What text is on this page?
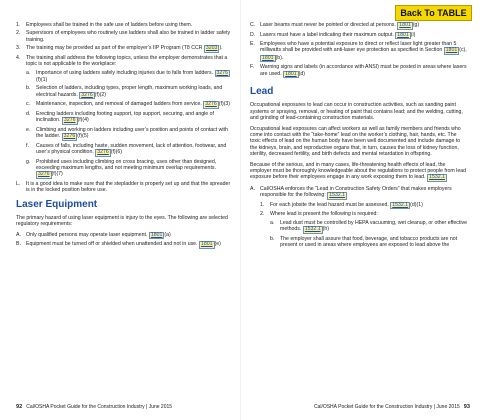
Back To TABLE
1.	Employees shall be trained in the safe use of ladders before using them.
2.	Supervisors of employees who routinely use ladders shall also be trained in ladder safety training.
3.	The training may be provided as part of the employer’s IIP Program (T8 CCR 3203 ).
4.	The training shall address the following topics, unless the employer demonstrates that a topic is not applicable to the workplace:
a.	Importance of using ladders safely including injuries due to falls from ladders. 3276(f)(1)
b.	Selection of ladders, including types, proper length, maximum working loads, and electrical hazards. 3276 (f)(2)
c.	Maintenance, inspection, and removal of damaged ladders from service. 3276 (f)(3)
d.	Erecting ladders including footing support, top support, securing, and angle of inclination. 3276 (f)(4)
e.	Climbing and working on ladders including user’s position and points of contact with the ladder. 3276 (f)(5)
f.	Causes of falls, including haste, sudden movement, lack of attention, footwear, and user’s physical condition. 3276 (f)(6)
g.	Prohibited uses including climbing on cross bracing, uses other than designed, exceeding maximum lengths, and not meeting minimum overlap requirements. 3276 (f)(7)
L.	It is a good idea to make sure that the stepladder is properly set up and that the spreader is in the locked position before use.
Laser Equipment

The primary hazard of using laser equipment is injury to the eyes. The following are selected regulatory requirements:

A. Only qualified persons may operate laser equipment. 1801 (a)
B. Equipment must be turned off or shielded when unattended and not in use. 1801 (e)
C. Laser beams must never be pointed or directed at persons. 1801 (g)
D. Lasers must have a label indicating their maximum output. 1801 (i)
E. Employees who have a potential exposure to direct or reflect laser light greater than 5 milliwatts shall be provided with anti-laser eye protection as specified in Section 1801 (c), 1801 (b).
F.	Warning signs and labels (in accordance with ANSI) must be posted in areas where lasers are used. 1801 (d)
Lead

Occupational exposures to lead can occur in construction activities, such as sanding paint systems or spraying, removal, or heating of paint that contains lead; and the welding, cutting, and grinding of lead-containing construction materials.

Occupational lead exposures can affect workers as well as family members and friends who come into contact with the “take-home” lead on the worker’s clothing, hair, hands, etc. The toxic effects of lead on the human body have been well documented and include damage to the kidneys, brain, and reproductive organs that, in turn, causes the loss of kidney function, sterility, decreased fertility, and birth defects and mental retardation in offspring.

Because of the serious, and in many cases, life-threatening health effects of lead, the employer must be thoroughly knowledgeable about the regulations to protect people from lead exposure before their employees engage in any work exposing them to lead. 1532.1

A. Cal/OSHA enforces the “Lead in Construction Safety Orders” that makes employers responsible for the following: 1532.1
1.	For each jobsite the lead hazard must be assessed. 1532.1 (d)(1)
2.	Where lead is present the following is required:
a.	Lead dust must be controlled by HEPA vacuuming, wet cleanup, or other effective methods. 1532.1 (h)
b.	The employer shall assure that food, beverage, and tobacco products are not present or used in areas where employees are exposed to lead above the
92 Cal/OSHA Pocket Guide for the Construction Industry | June 2015	Cal/OSHA Pocket Guide for the Construction Industry | June 2015 93
